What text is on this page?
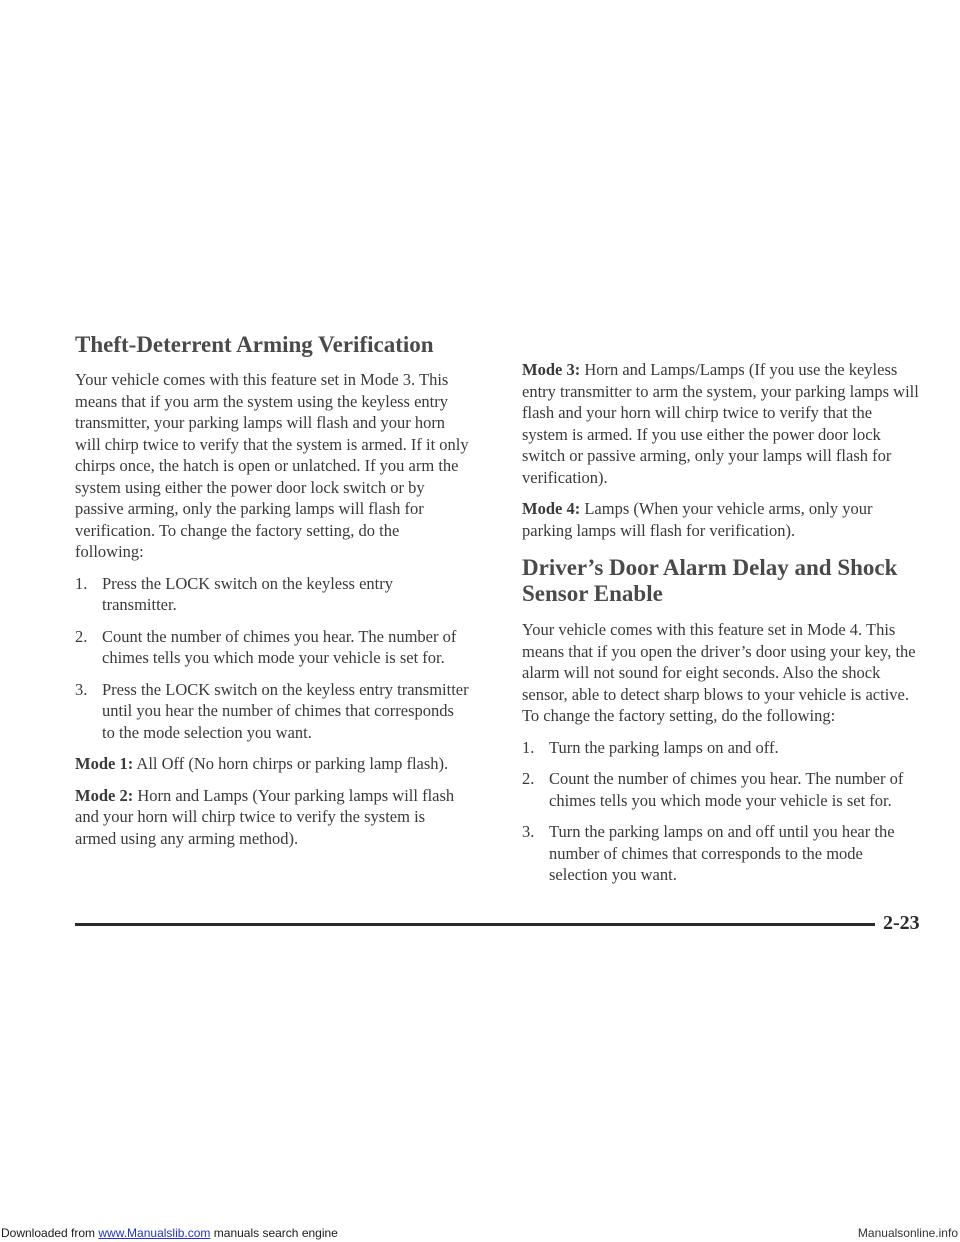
Theft-Deterrent Arming Verification

Your vehicle comes with this feature set in Mode 3. This means that if you arm the system using the keyless entry transmitter, your parking lamps will flash and your horn will chirp twice to verify that the system is armed. If it only chirps once, the hatch is open or unlatched. If you arm the system using either the power door lock switch or by passive arming, only the parking lamps will flash for verification. To change the factory setting, do the following:

1. Press the LOCK switch on the keyless entry transmitter.
2. Count the number of chimes you hear. The number of chimes tells you which mode your vehicle is set for.
3. Press the LOCK switch on the keyless entry transmitter until you hear the number of chimes that corresponds to the mode selection you want.

Mode 1: All Off (No horn chirps or parking lamp flash).

Mode 2: Horn and Lamps (Your parking lamps will flash and your horn will chirp twice to verify the system is armed using any arming method).

Mode 3: Horn and Lamps/Lamps (If you use the keyless entry transmitter to arm the system, your parking lamps will flash and your horn will chirp twice to verify that the system is armed. If you use either the power door lock switch or passive arming, only your lamps will flash for verification).

Mode 4: Lamps (When your vehicle arms, only your parking lamps will flash for verification).

Driver’s Door Alarm Delay and Shock Sensor Enable

Your vehicle comes with this feature set in Mode 4. This means that if you open the driver’s door using your key, the alarm will not sound for eight seconds. Also the shock sensor, able to detect sharp blows to your vehicle is active. To change the factory setting, do the following:

1. Turn the parking lamps on and off.
2. Count the number of chimes you hear. The number of chimes tells you which mode your vehicle is set for.
3. Turn the parking lamps on and off until you hear the number of chimes that corresponds to the mode selection you want.
2-23
Downloaded from www.Manualslib.com manuals search engine	Manualsonline.info
